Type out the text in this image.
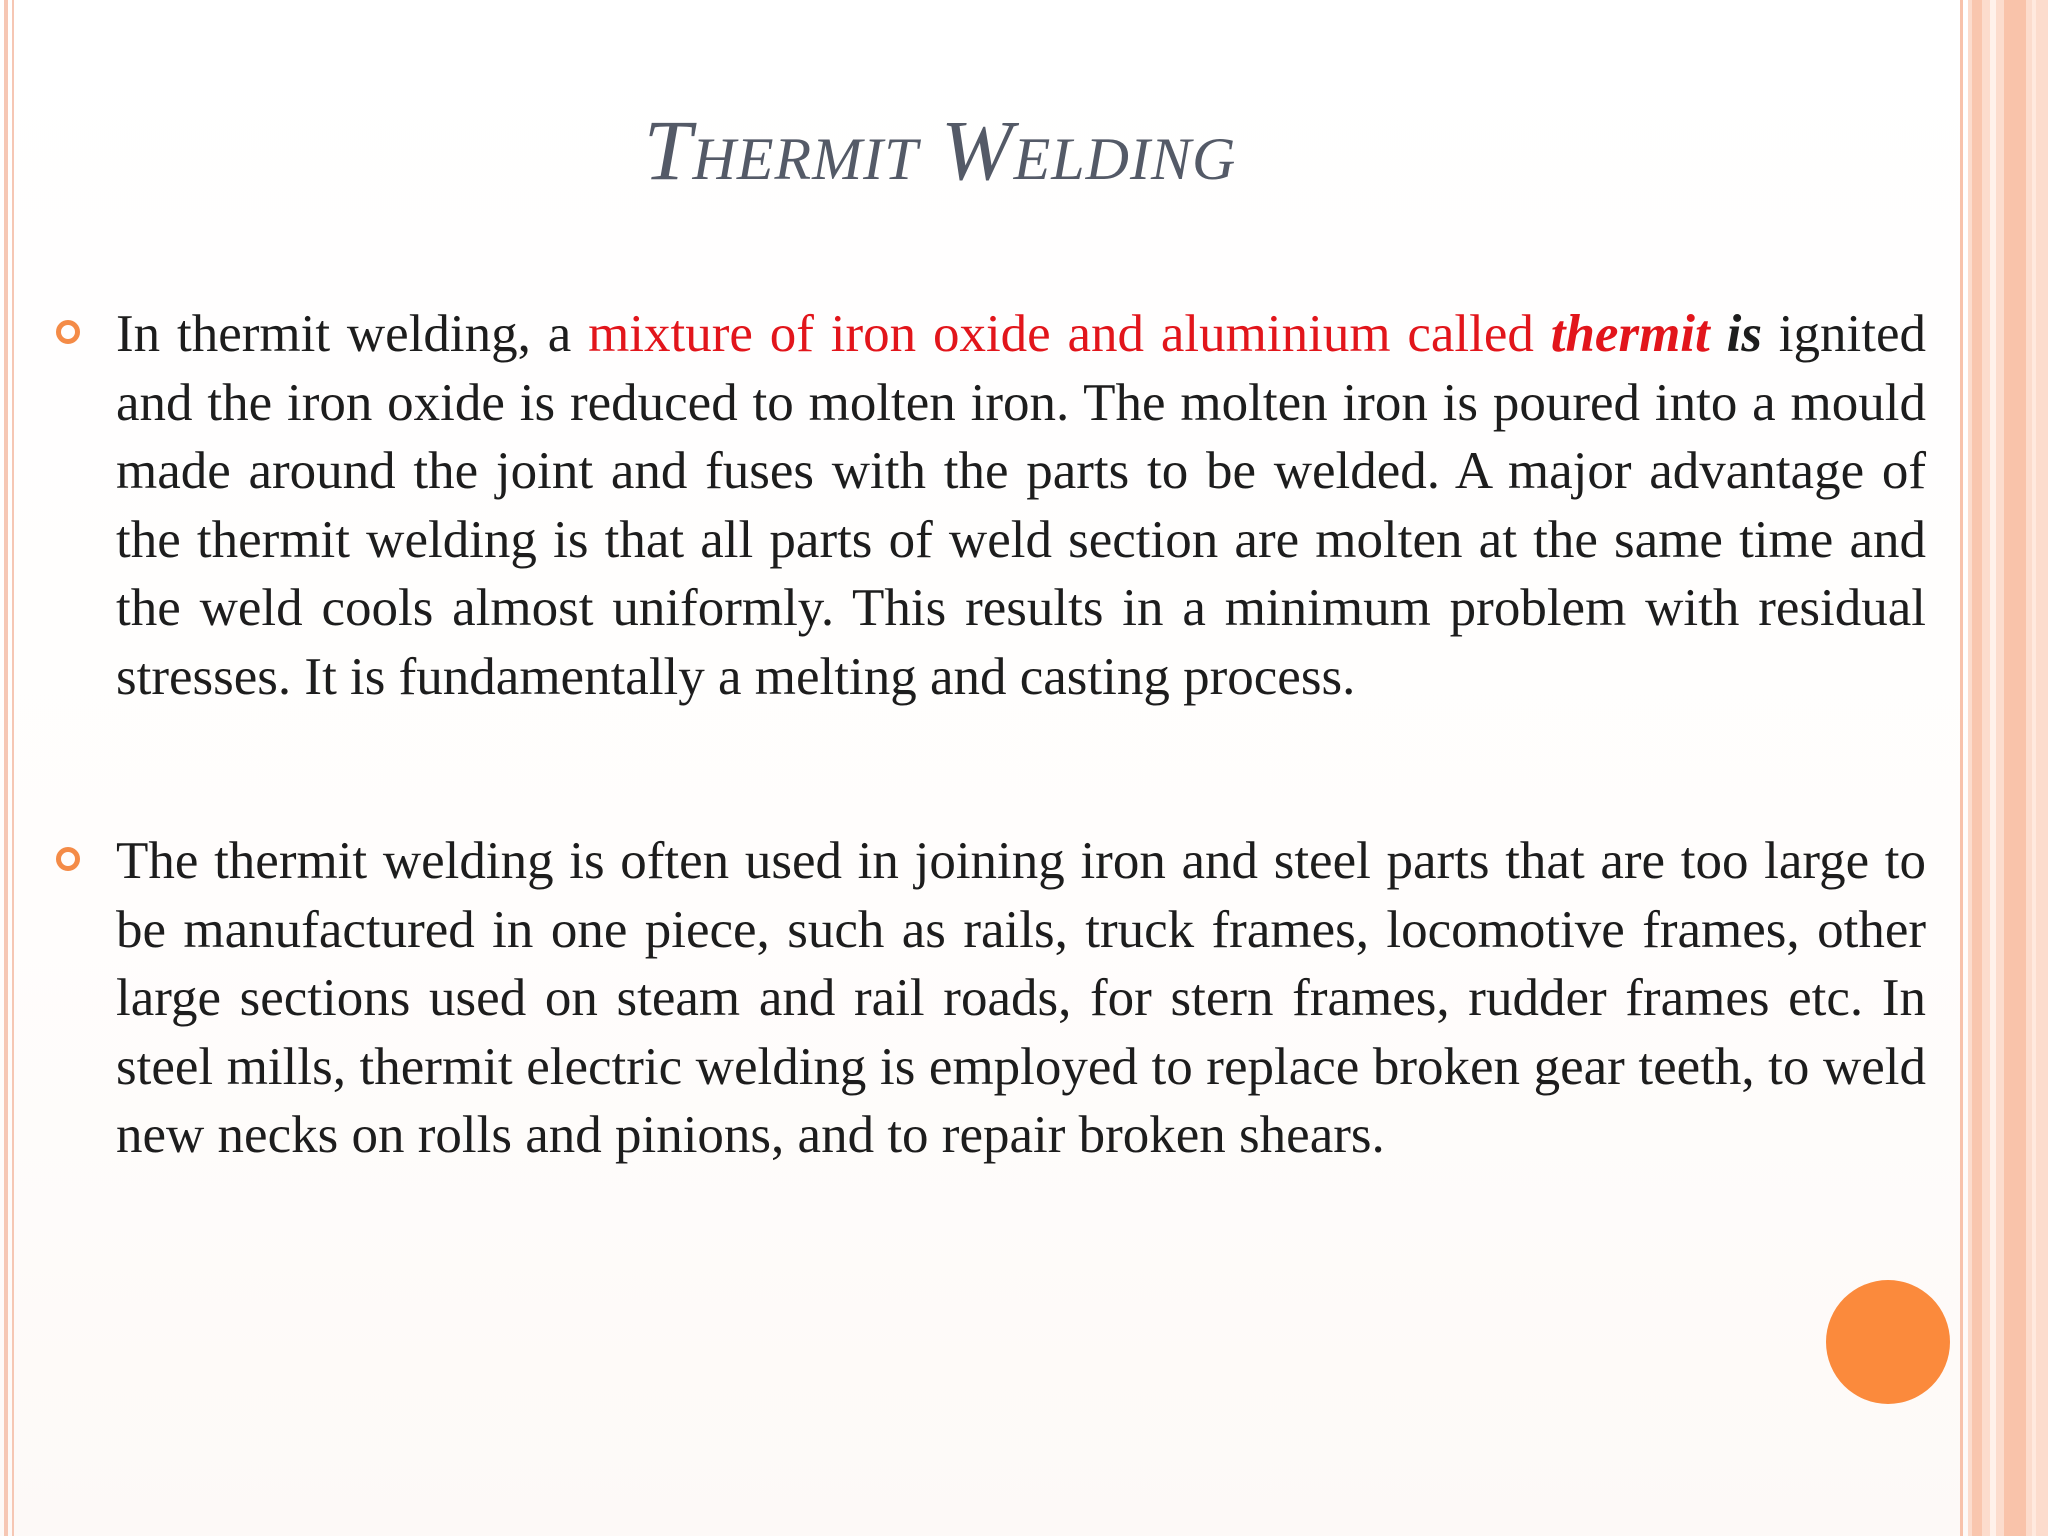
Thermit Welding
In thermit welding, a mixture of iron oxide and aluminium called thermit is ignited and the iron oxide is reduced to molten iron. The molten iron is poured into a mould made around the joint and fuses with the parts to be welded. A major advantage of the thermit welding is that all parts of weld section are molten at the same time and the weld cools almost uniformly. This results in a minimum problem with residual stresses. It is fundamentally a melting and casting process.
The thermit welding is often used in joining iron and steel parts that are too large to be manufactured in one piece, such as rails, truck frames, locomotive frames, other large sections used on steam and rail roads, for stern frames, rudder frames etc. In steel mills, thermit electric welding is employed to replace broken gear teeth, to weld new necks on rolls and pinions, and to repair broken shears.
